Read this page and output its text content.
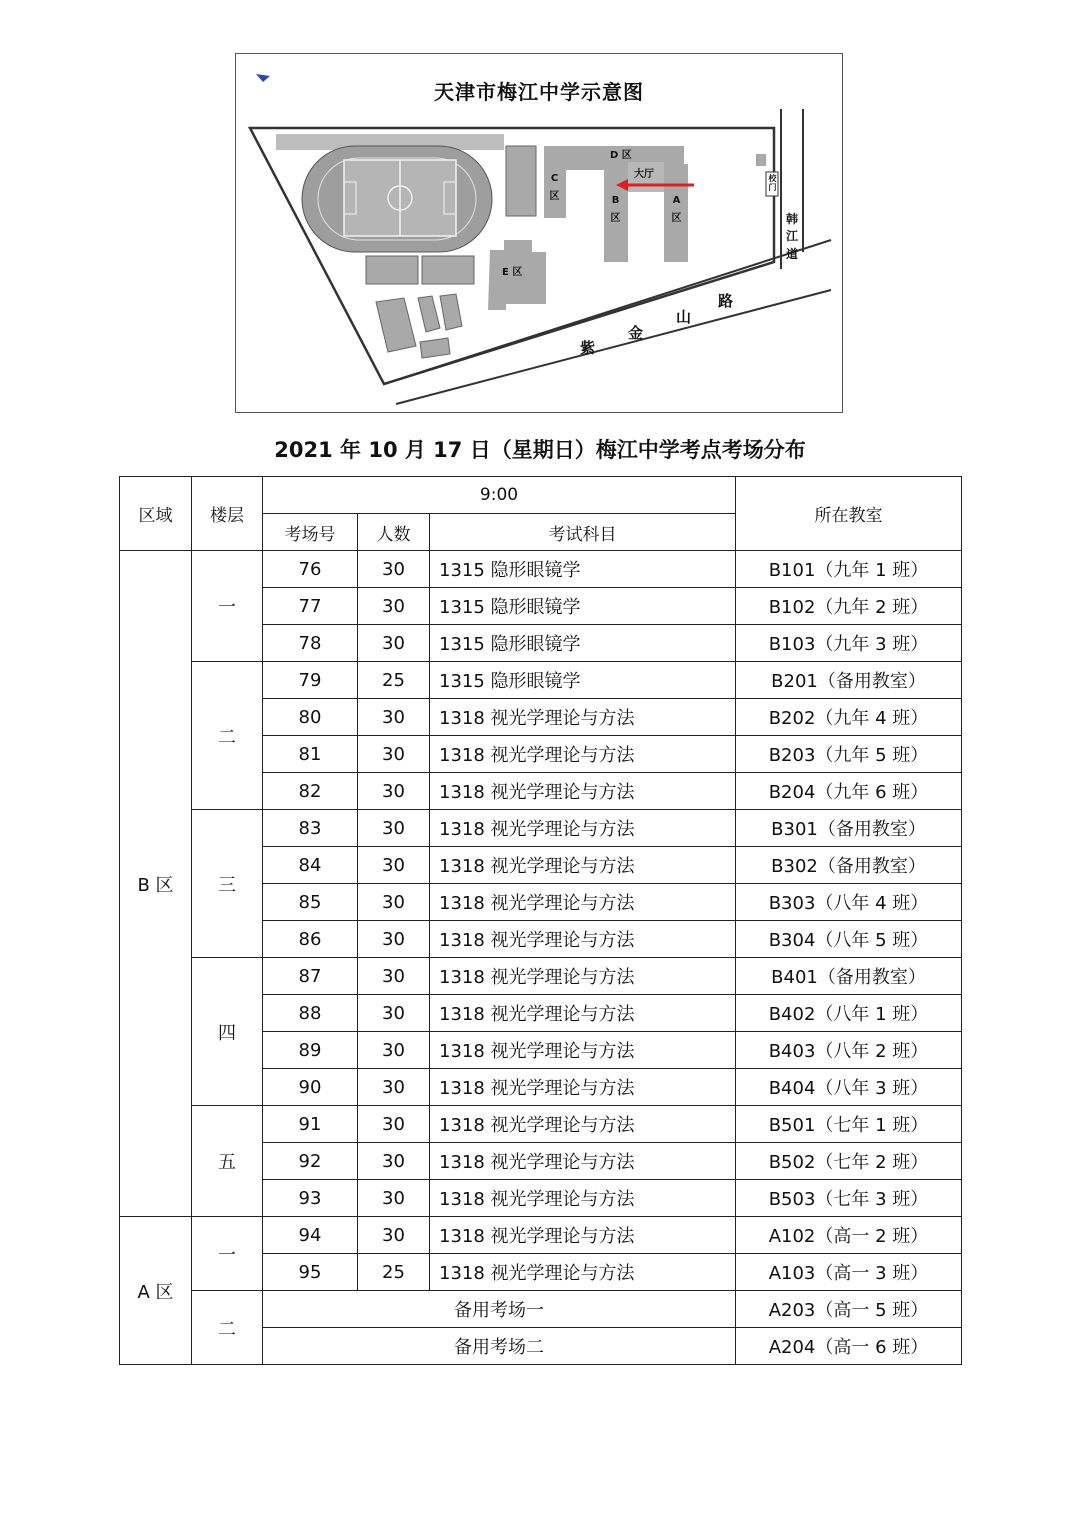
天津市梅江中学示意图
D 区
大厅
C
区	B
区
A
区
E 区
校
门
韩
江
道
紫
金
山
路
2021 年 10 月 17 日（星期日）梅江中学考点考场分布
区域	楼层	9:00			所在教室
		考场号	人数	考试科目	
B 区	一	76	30	1315 隐形眼镜学	B101（九年 1 班）
		77	30	1315 隐形眼镜学	B102（九年 2 班）
		78	30	1315 隐形眼镜学	B103（九年 3 班）
	二	79	25	1315 隐形眼镜学	B201（备用教室）
		80	30	1318 视光学理论与方法	B202（九年 4 班）
		81	30	1318 视光学理论与方法	B203（九年 5 班）
		82	30	1318 视光学理论与方法	B204（九年 6 班）
	三	83	30	1318 视光学理论与方法	B301（备用教室）
		84	30	1318 视光学理论与方法	B302（备用教室）
		85	30	1318 视光学理论与方法	B303（八年 4 班）
		86	30	1318 视光学理论与方法	B304（八年 5 班）
	四	87	30	1318 视光学理论与方法	B401（备用教室）
		88	30	1318 视光学理论与方法	B402（八年 1 班）
		89	30	1318 视光学理论与方法	B403（八年 2 班）
		90	30	1318 视光学理论与方法	B404（八年 3 班）
	五	91	30	1318 视光学理论与方法	B501（七年 1 班）
		92	30	1318 视光学理论与方法	B502（七年 2 班）
		93	30	1318 视光学理论与方法	B503（七年 3 班）
A 区	一	94	30	1318 视光学理论与方法	A102（高一 2 班）
		95	25	1318 视光学理论与方法	A103（高一 3 班）
	二	备用考场一			A203（高一 5 班）
		备用考场二			A204（高一 6 班）
